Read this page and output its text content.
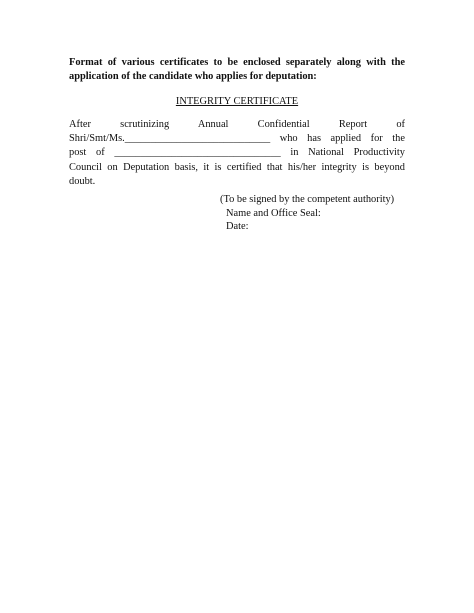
Format of various certificates to be enclosed separately along with the
application of the candidate who applies for deputation:
INTEGRITY CERTIFICATE
After scrutinizing Annual Confidential Report of
Shri/Smt/Ms.____________________________ who has applied for the
post of ________________________________ in National Productivity
Council on Deputation basis, it is certified that his/her integrity is beyond
doubt.
(To be signed by the competent authority)
Name and Office Seal:
Date:
